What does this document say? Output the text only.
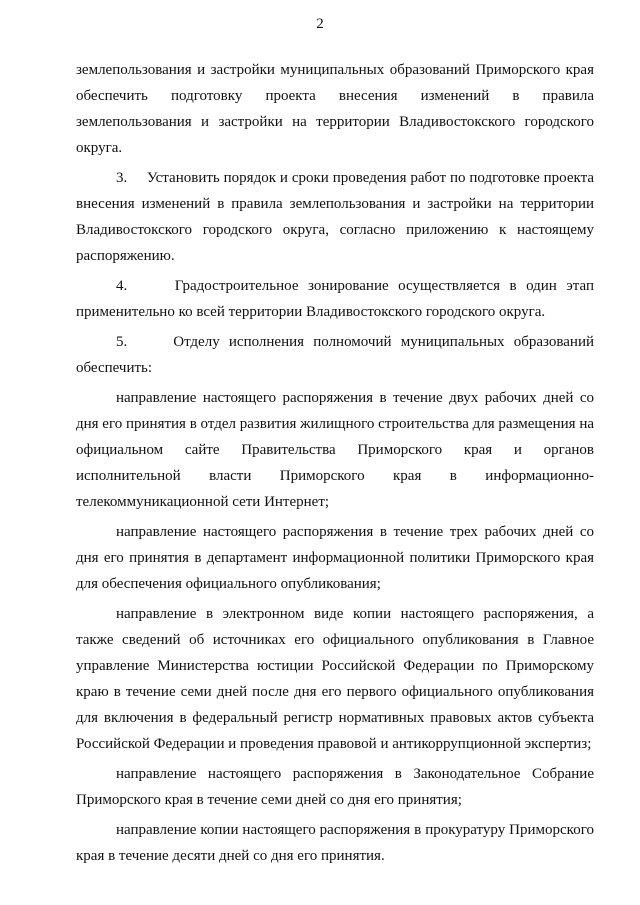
2

землепользования и застройки муниципальных образований Приморского края обеспечить подготовку проекта внесения изменений в правила землепользования и застройки на территории Владивостокского городского округа.

3.     Установить порядок и сроки проведения работ по подготовке проекта внесения изменений в правила землепользования и застройки на территории Владивостокского городского округа, согласно приложению к настоящему распоряжению.

4.     Градостроительное зонирование осуществляется в один этап применительно ко всей территории Владивостокского городского округа.

5.     Отделу исполнения полномочий муниципальных образований обеспечить:

направление настоящего распоряжения в течение двух рабочих дней со дня его принятия в отдел развития жилищного строительства для размещения на официальном сайте Правительства Приморского края и органов исполнительной власти Приморского края в информационно-телекоммуникационной сети Интернет;

направление настоящего распоряжения в течение трех рабочих дней со дня его принятия в департамент информационной политики Приморского края для обеспечения официального опубликования;

направление в электронном виде копии настоящего распоряжения, а также сведений об источниках его официального опубликования в Главное управление Министерства юстиции Российской Федерации по Приморскому краю в течение семи дней после дня его первого официального опубликования для включения в федеральный регистр нормативных правовых актов субъекта Российской Федерации и проведения правовой и антикоррупционной экспертиз;

направление настоящего распоряжения в Законодательное Собрание Приморского края в течение семи дней со дня его принятия;

направление копии настоящего распоряжения в прокуратуру Приморского края в течение десяти дней со дня его принятия.
